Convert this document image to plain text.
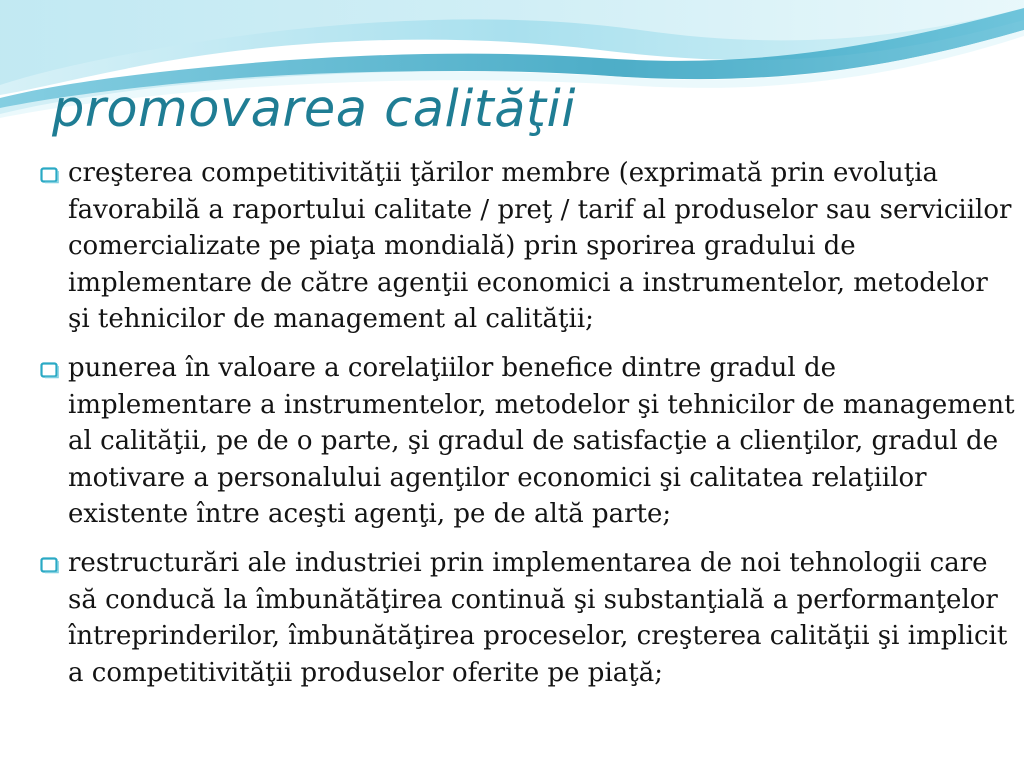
promovarea calităţii
creşterea competitivităţii ţărilor membre (exprimată prin evoluţia favorabilă a raportului calitate / preţ / tarif al produselor sau serviciilor comercializate pe piaţa mondială) prin sporirea gradului de implementare de către agenţii economici a instrumentelor, metodelor şi tehnicilor de management al calităţii;
punerea în valoare a corelaţiilor benefice dintre gradul de implementare a instrumentelor, metodelor şi tehnicilor de management al calităţii, pe de o parte, şi gradul de satisfacţie a clienţilor, gradul de motivare a personalului agenţilor economici şi calitatea relaţiilor existente între aceşti agenţi, pe de altă parte;
restructurări ale industriei prin implementarea de noi tehnologii care să conducă la îmbunătăţirea continuă şi substanţială a performanţelor întreprinderilor, îmbunătăţirea proceselor, creşterea calităţii şi implicit a competitivităţii produselor oferite pe piaţă;
